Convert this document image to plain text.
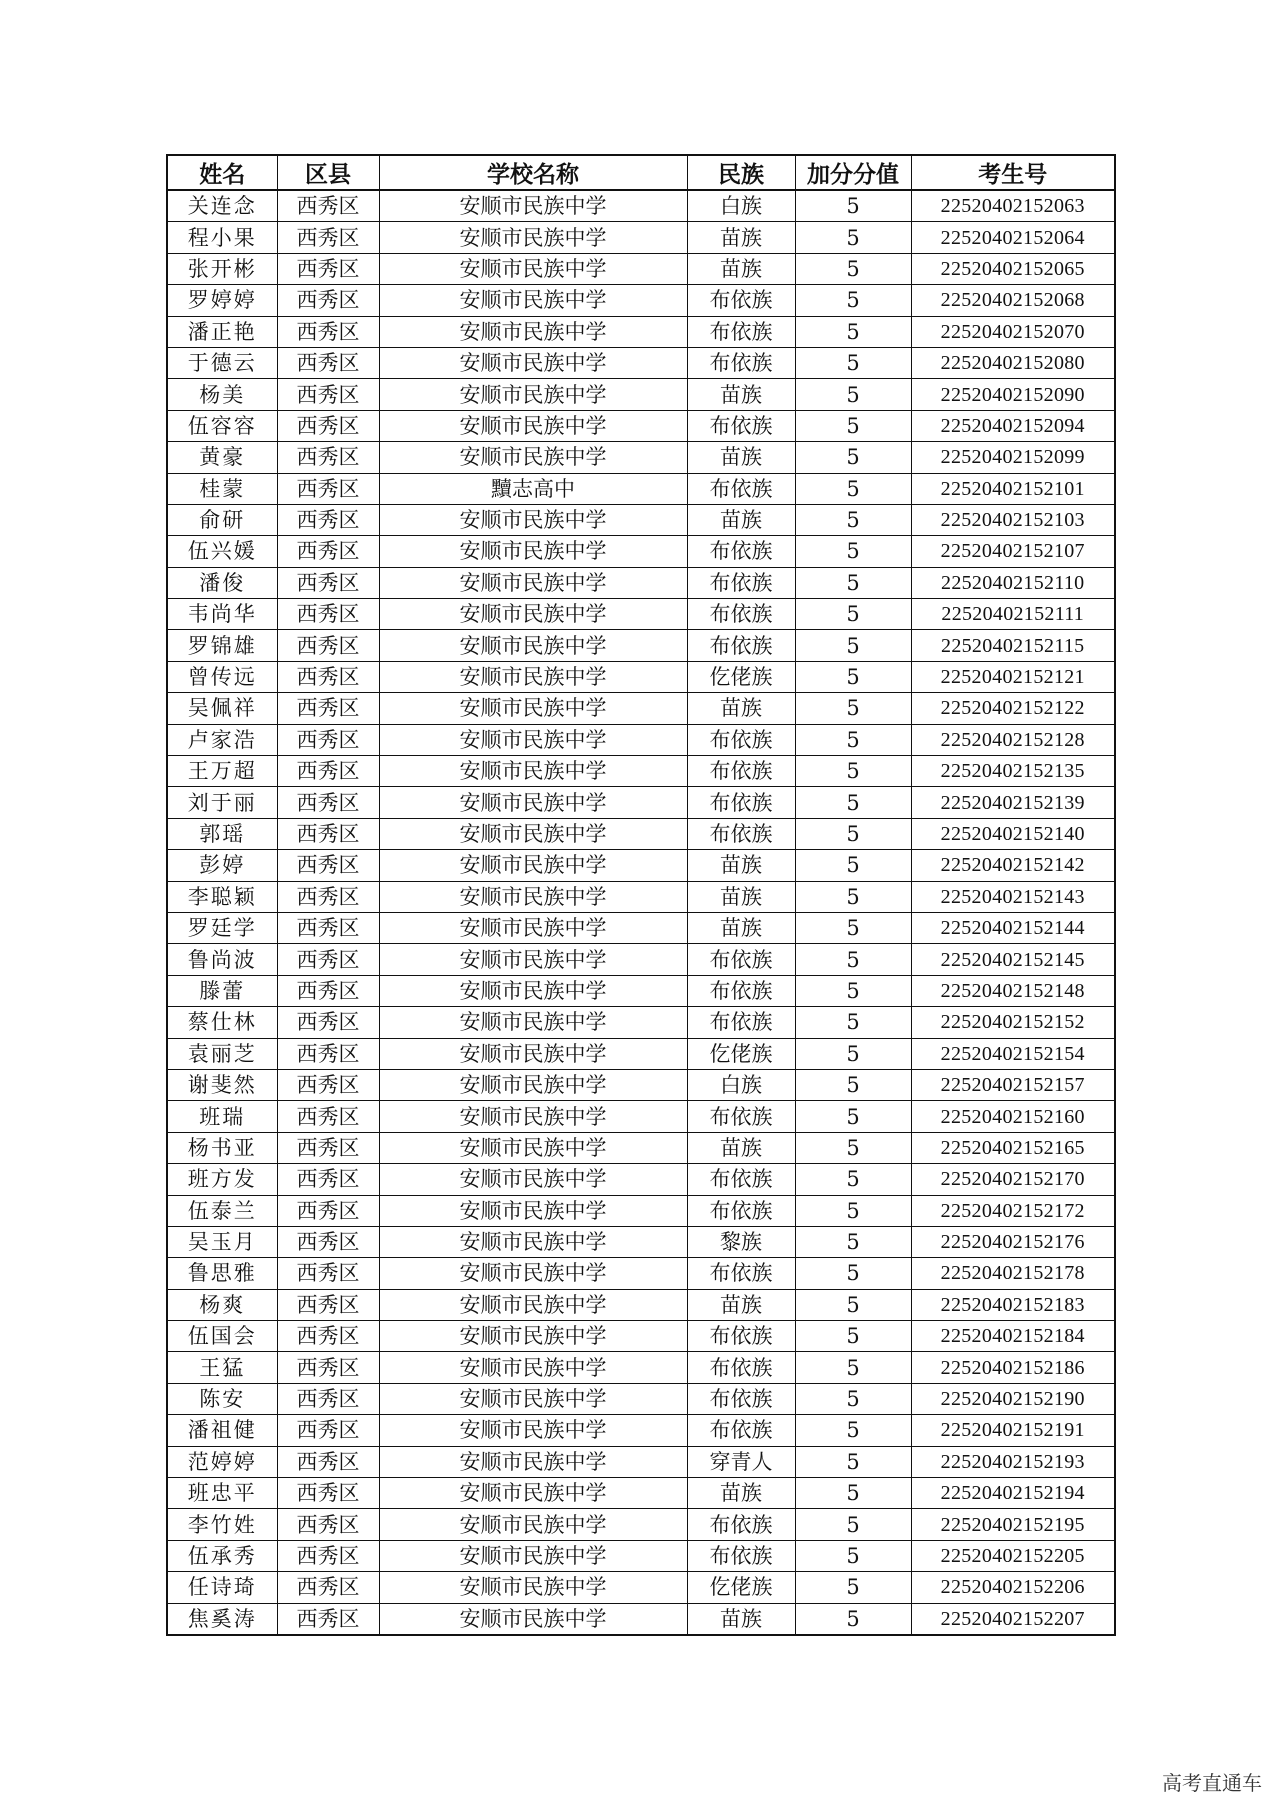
姓名	区县	学校名称	民族	加分分值	考生号
关连念	西秀区	安顺市民族中学	白族	5	22520402152063
程小果	西秀区	安顺市民族中学	苗族	5	22520402152064
张开彬	西秀区	安顺市民族中学	苗族	5	22520402152065
罗婷婷	西秀区	安顺市民族中学	布依族	5	22520402152068
潘正艳	西秀区	安顺市民族中学	布依族	5	22520402152070
于德云	西秀区	安顺市民族中学	布依族	5	22520402152080
杨美	西秀区	安顺市民族中学	苗族	5	22520402152090
伍容容	西秀区	安顺市民族中学	布依族	5	22520402152094
黄豪	西秀区	安顺市民族中学	苗族	5	22520402152099
桂蒙	西秀区	黷志高中	布依族	5	22520402152101
俞研	西秀区	安顺市民族中学	苗族	5	22520402152103
伍兴媛	西秀区	安顺市民族中学	布依族	5	22520402152107
潘俊	西秀区	安顺市民族中学	布依族	5	22520402152110
韦尚华	西秀区	安顺市民族中学	布依族	5	22520402152111
罗锦雄	西秀区	安顺市民族中学	布依族	5	22520402152115
曾传远	西秀区	安顺市民族中学	仡佬族	5	22520402152121
吴佩祥	西秀区	安顺市民族中学	苗族	5	22520402152122
卢家浩	西秀区	安顺市民族中学	布依族	5	22520402152128
王万超	西秀区	安顺市民族中学	布依族	5	22520402152135
刘于丽	西秀区	安顺市民族中学	布依族	5	22520402152139
郭瑶	西秀区	安顺市民族中学	布依族	5	22520402152140
彭婷	西秀区	安顺市民族中学	苗族	5	22520402152142
李聪颖	西秀区	安顺市民族中学	苗族	5	22520402152143
罗廷学	西秀区	安顺市民族中学	苗族	5	22520402152144
鲁尚波	西秀区	安顺市民族中学	布依族	5	22520402152145
滕蕾	西秀区	安顺市民族中学	布依族	5	22520402152148
蔡仕林	西秀区	安顺市民族中学	布依族	5	22520402152152
袁丽芝	西秀区	安顺市民族中学	仡佬族	5	22520402152154
谢斐然	西秀区	安顺市民族中学	白族	5	22520402152157
班瑞	西秀区	安顺市民族中学	布依族	5	22520402152160
杨书亚	西秀区	安顺市民族中学	苗族	5	22520402152165
班方发	西秀区	安顺市民族中学	布依族	5	22520402152170
伍泰兰	西秀区	安顺市民族中学	布依族	5	22520402152172
吴玉月	西秀区	安顺市民族中学	黎族	5	22520402152176
鲁思雅	西秀区	安顺市民族中学	布依族	5	22520402152178
杨爽	西秀区	安顺市民族中学	苗族	5	22520402152183
伍国会	西秀区	安顺市民族中学	布依族	5	22520402152184
王猛	西秀区	安顺市民族中学	布依族	5	22520402152186
陈安	西秀区	安顺市民族中学	布依族	5	22520402152190
潘祖健	西秀区	安顺市民族中学	布依族	5	22520402152191
范婷婷	西秀区	安顺市民族中学	穿青人	5	22520402152193
班忠平	西秀区	安顺市民族中学	苗族	5	22520402152194
李竹姓	西秀区	安顺市民族中学	布依族	5	22520402152195
伍承秀	西秀区	安顺市民族中学	布依族	5	22520402152205
任诗琦	西秀区	安顺市民族中学	仡佬族	5	22520402152206
焦奚涛	西秀区	安顺市民族中学	苗族	5	22520402152207
高考直通车
